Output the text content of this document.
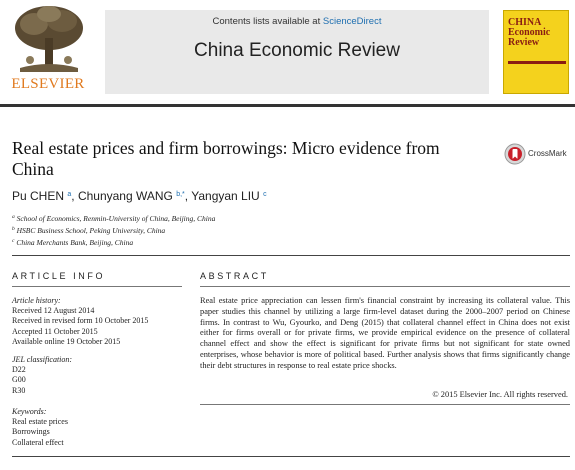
ELSEVIER
Contents lists available at ScienceDirect
China Economic Review
CHINA Economic Review
Real estate prices and firm borrowings: Micro evidence from China
CrossMark
Pu CHEN $^a$, Chunyang WANG $^{b,*}$, Yangyan LIU $^c$
$^a$ School of Economics, Renmin-University of China, Beijing, China
$^b$ HSBC Business School, Peking University, China
$^c$ China Merchants Bank, Beijing, China
ARTICLE INFO
Article history:
Received 12 August 2014
Received in revised form 10 October 2015
Accepted 11 October 2015
Available online 19 October 2015
JEL classification:
D22
G00
R30
Keywords:
Real estate prices
Borrowings
Collateral effect
ABSTRACT
Real estate price appreciation can lessen firm's financial constraint by increasing its collateral value. This paper studies this channel by utilizing a large firm-level dataset during the 2000–2007 period on Chinese firms. In contrast to Wu, Gyourko, and Deng (2015) that collateral channel effect in China does not exist either for firms overall or for private firms, we provide empirical evidence on the presence of collateral channel effect and show the effect is significant for private firms but not significant for state owned enterprises, whose behavior is more of political based. Further analysis shows that firms significantly change their debt structures in response to real estate price shocks.
© 2015 Elsevier Inc. All rights reserved.
